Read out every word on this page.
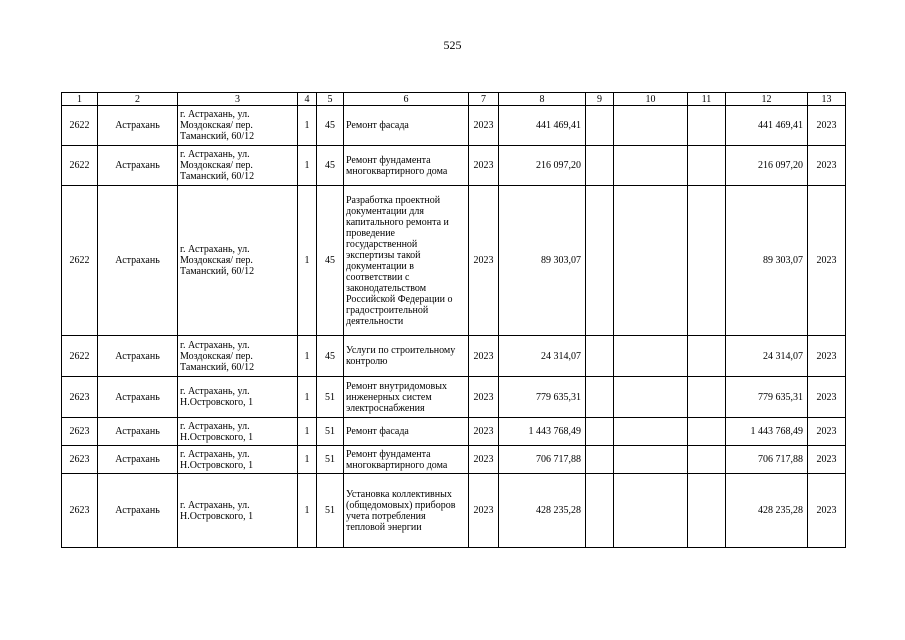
525
1	2	3	4	5	6	7	8	9	10	11	12	13
2622	Астрахань	г. Астрахань, ул. Моздокская/ пер. Таманский, 60/12	1	45	Ремонт фасада	2023	441 469,41				441 469,41	2023
2622	Астрахань	г. Астрахань, ул. Моздокская/ пер. Таманский, 60/12	1	45	Ремонт фундамента многоквартирного дома	2023	216 097,20				216 097,20	2023
2622	Астрахань	г. Астрахань, ул. Моздокская/ пер. Таманский, 60/12	1	45	Разработка проектной документации для капитального ремонта и проведение государственной экспертизы такой документации в соответствии с законодательством Российской Федерации о градостроительной деятельности	2023	89 303,07				89 303,07	2023
2622	Астрахань	г. Астрахань, ул. Моздокская/ пер. Таманский, 60/12	1	45	Услуги по строительному контролю	2023	24 314,07				24 314,07	2023
2623	Астрахань	г. Астрахань, ул. Н.Островского, 1	1	51	Ремонт внутридомовых инженерных систем электроснабжения	2023	779 635,31				779 635,31	2023
2623	Астрахань	г. Астрахань, ул. Н.Островского, 1	1	51	Ремонт фасада	2023	1 443 768,49				1 443 768,49	2023
2623	Астрахань	г. Астрахань, ул. Н.Островского, 1	1	51	Ремонт фундамента многоквартирного дома	2023	706 717,88				706 717,88	2023
2623	Астрахань	г. Астрахань, ул. Н.Островского, 1	1	51	Установка коллективных (общедомовых) приборов учета потребления тепловой энергии	2023	428 235,28				428 235,28	2023
